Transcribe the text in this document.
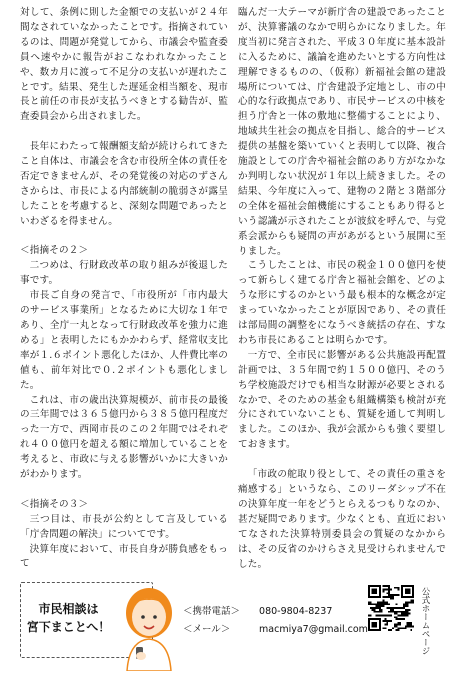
対して、条例に則した金額での支払いが２４年間なされていなかったことです。指摘されているのは、問題が発覚してから、市議会や監査委員へ速やかに報告がおこなわれなかったことや、数カ月に渡って不足分の支払いが遅れたことです。結果、発生した遅延金相当額を、現市長と前任の市長が支払うべきとする勧告が、監査委員会から出されました。

長年にわたって報酬額支給が続けられてきたこと自体は、市議会を含む市役所全体の責任を否定できませんが、その発覚後の対応のずさんさからは、市長による内部統制の脆弱さが露呈したことを考慮すると、深刻な問題であったといわざるを得ません。

＜指摘その２＞

二つめは、行財政改革の取り組みが後退した事です。

市長ご自身の発言で、「市役所が「市内最大のサービス事業所」となるために大切な１年であり、全庁一丸となって行財政改革を強力に進める」と表明したにもかかわらず、経常収支比率が１.６ポイント悪化したほか、人件費比率の値も、前年対比で０.２ポイントも悪化しました。

これは、市の歳出決算規模が、前市長の最後の三年間では３６５億円から３８５億円程度だった一方で、西岡市長のこの２年間ではそれぞれ４００億円を超える額に増加していることを考えると、市政に与える影響がいかに大きいかがわかります。

＜指摘その３＞

三つ目は、市長が公約として言及している「庁舎問題の解決」についてです。

決算年度において、市長自身が勝負感をもって

臨んだ一大テーマが新庁舎の建設であったことが、決算審議のなかで明らかになりました。年度当初に発言された、平成３０年度に基本設計に入るために、議論を進めたいとする方向性は理解できるものの、（仮称）新福祉会館の建設場所については、庁舎建設予定地とし、市の中心的な行政拠点であり、市民サービスの中核を担う庁舎と一体の敷地に整備することにより、地域共生社会の拠点を目指し、総合的サービス提供の基盤を築いていくと表明して以降、複合施設としての庁舎や福祉会館のあり方がなかなか判明しない状況が１年以上続きました。その結果、今年度に入って、建物の２階と３階部分の全体を福祉会館機能にすることもあり得るという認識が示されたことが波紋を呼んで、与党系会派からも疑問の声があがるという展開に至りました。

こうしたことは、市民の税金１００億円を使って新らしく建てる庁舎と福祉会館を、どのような形にするのかという最も根本的な概念が定まっていなかったことが原因であり、その責任は部局間の調整をになうべき統括の存在、すなわち市長にあることは明らかです。

一方で、全市民に影響がある公共施設再配置計画では、３５年間で約１５００億円、そのうち学校施設だけでも相当な財源が必要とされるなかで、そのための基金も組織構築も検討が充分にされていないことも、質疑を通して判明しました。このほか、我が会派からも強く要望しておきます。

「市政の舵取り役として、その責任の重さを痛感する」というなら、このリーダシップ不在の決算年度一年をどうとらえるつもりなのか、甚だ疑問であります。少なくとも、直近においてなされた決算特別委員会の質疑のなかからは、その反省のかけらさえ見受けられませんでした。

市民相談は
宮下まことへ！
＜携帯電話＞ 080-9804-8237
＜メール＞	macmiya7@gmail.com	公式ホームページ
